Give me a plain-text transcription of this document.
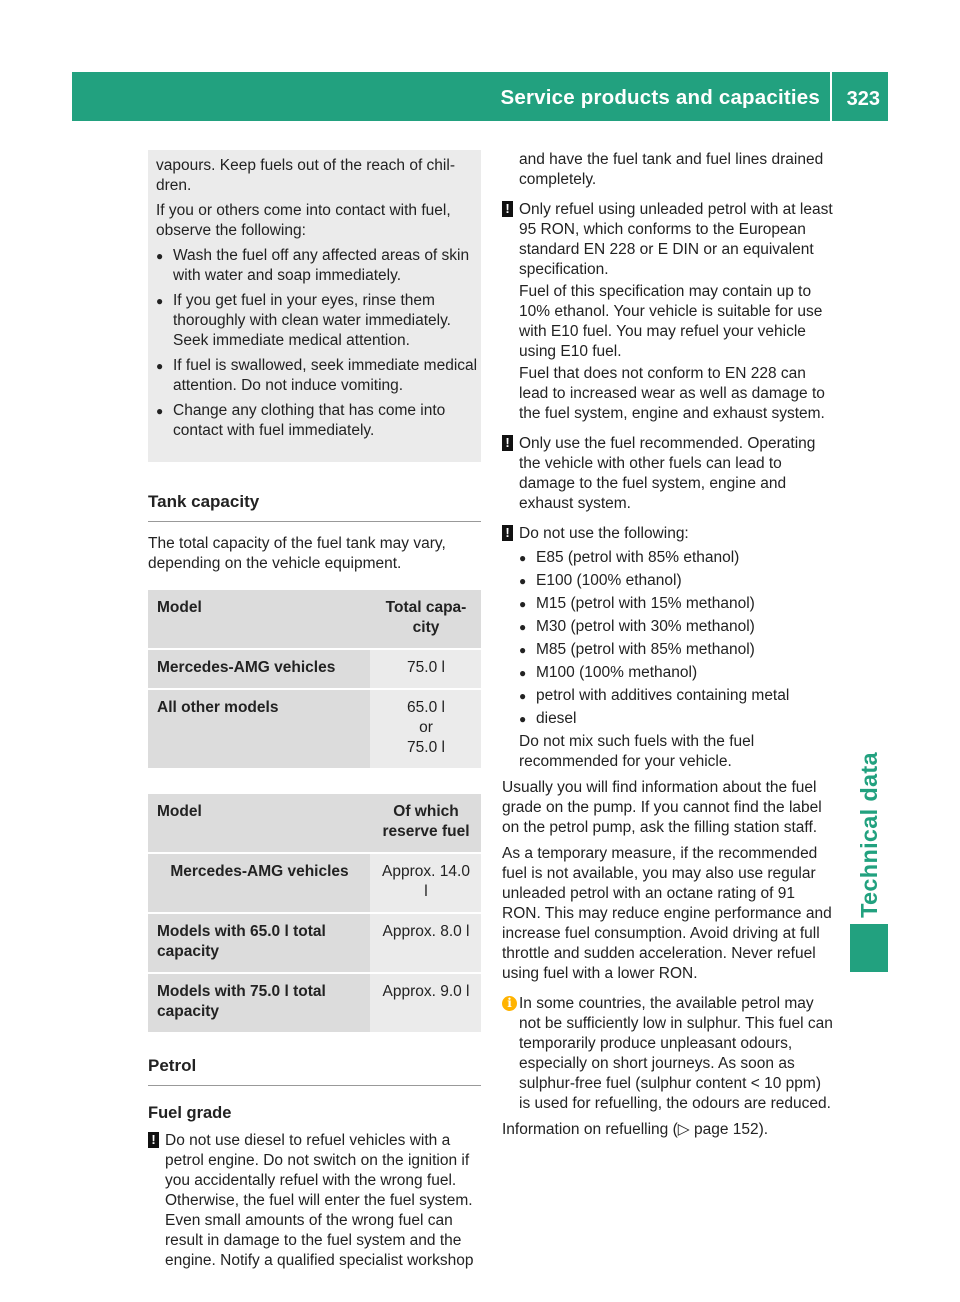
Service products and capacities 323
Technical data

vapours. Keep fuels out of the reach of chil-dren.

If you or others come into contact with fuel, observe the following:

● Wash the fuel off any affected areas of skin with water and soap immediately.
● If you get fuel in your eyes, rinse them thoroughly with clean water immediately. Seek immediate medical attention.
● If fuel is swallowed, seek immediate medical attention. Do not induce vomiting.
● Change any clothing that has come into contact with fuel immediately.
Tank capacity

The total capacity of the fuel tank may vary, depending on the vehicle equipment.

Model	Total capa-city
Mercedes-AMG vehicles	75.0 l
All other models	65.0 l
or
75.0 l
Model	Of which reserve fuel
Mercedes-AMG vehicles	Approx. 14.0 l
Models with 65.0 l total capacity	Approx. 8.0 l
Models with 75.0 l total capacity	Approx. 9.0 l
Petrol
Fuel grade
! Do not use diesel to refuel vehicles with a petrol engine. Do not switch on the ignition if you accidentally refuel with the wrong fuel. Otherwise, the fuel will enter the fuel system. Even small amounts of the wrong fuel can result in damage to the fuel system and the engine. Notify a qualified specialist workshop

and have the fuel tank and fuel lines drained completely.
! Only refuel using unleaded petrol with at least 95 RON, which conforms to the European standard EN 228 or E DIN or an equivalent specification.

Fuel of this specification may contain up to 10% ethanol. Your vehicle is suitable for use with E10 fuel. You may refuel your vehicle using E10 fuel.

Fuel that does not conform to EN 228 can lead to increased wear as well as damage to the fuel system, engine and exhaust system.

! Only use the fuel recommended. Operating the vehicle with other fuels can lead to damage to the fuel system, engine and exhaust system.

! Do not use the following:

● E85 (petrol with 85% ethanol)
● E100 (100% ethanol)
● M15 (petrol with 15% methanol)
● M30 (petrol with 30% methanol)
● M85 (petrol with 85% methanol)
● M100 (100% methanol)
● petrol with additives containing metal
● diesel

Do not mix such fuels with the fuel recommended for your vehicle.

Usually you will find information about the fuel grade on the pump. If you cannot find the label on the petrol pump, ask the filling station staff.

As a temporary measure, if the recommended fuel is not available, you may also use regular unleaded petrol with an octane rating of 91 RON. This may reduce engine performance and increase fuel consumption. Avoid driving at full throttle and sudden acceleration. Never refuel using fuel with a lower RON.

i In some countries, the available petrol may not be sufficiently low in sulphur. This fuel can temporarily produce unpleasant odours, especially on short journeys. As soon as sulphur-free fuel (sulphur content < 10 ppm) is used for refuelling, the odours are reduced.

Information on refuelling (▷ page 152).
